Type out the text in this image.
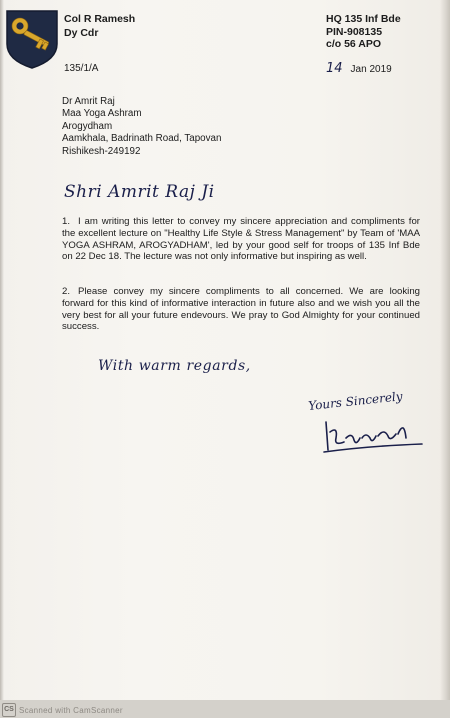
Col R Ramesh
Dy Cdr
135/1/A
HQ 135 Inf Bde
PIN-908135
c/o 56 APO
14 Jan 2019
Dr Amrit Raj
Maa Yoga Ashram
Arogydham
Aamkhala, Badrinath Road, Tapovan
Rishikesh-249192
Shri Amrit Raj Ji
1. I am writing this letter to convey my sincere appreciation and compliments for the excellent lecture on "Healthy Life Style & Stress Management" by Team of 'MAA YOGA ASHRAM, AROGYADHAM', led by your good self for troops of 135 Inf Bde on 22 Dec 18. The lecture was not only informative but inspiring as well.
2. Please convey my sincere compliments to all concerned. We are looking forward for this kind of informative interaction in future also and we wish you all the very best for all your future endevours. We pray to God Almighty for your continued success.
With warm regards,
Yours Sincerely
CS Scanned with CamScanner
